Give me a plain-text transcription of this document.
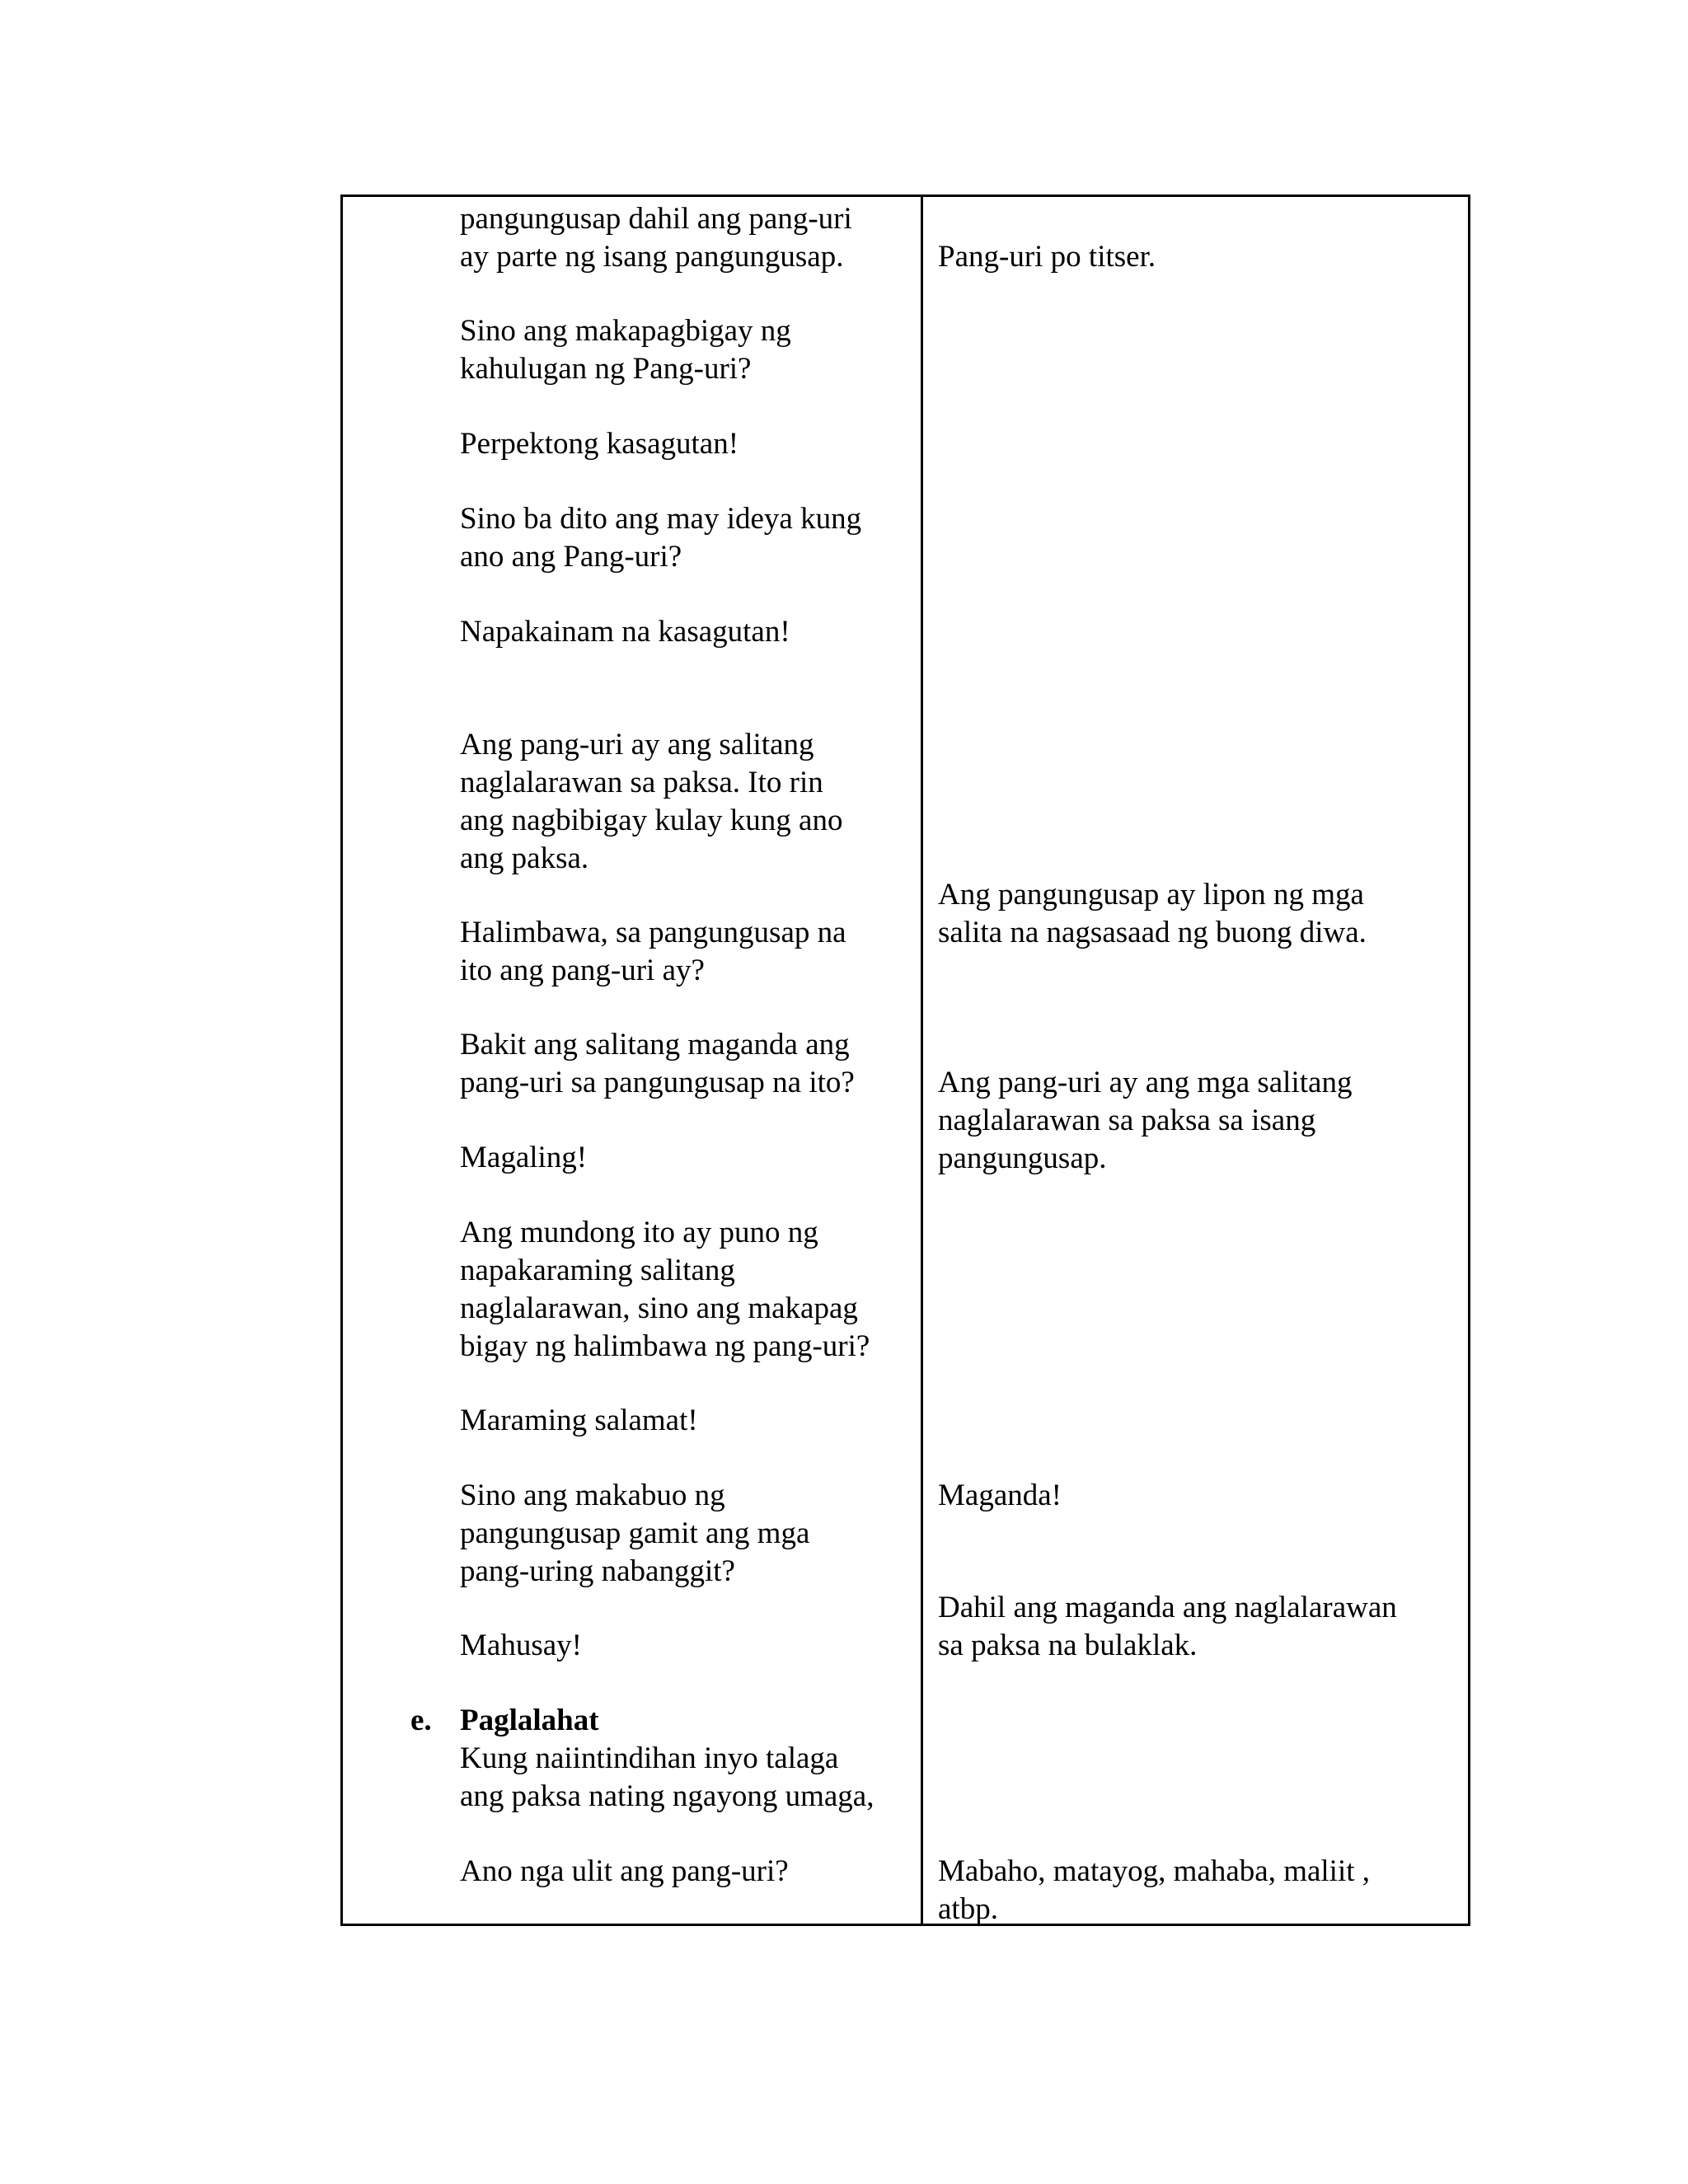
pangungusap dahil ang pang-uri
ay parte ng isang pangungusap.

Sino ang makapagbigay ng
kahulugan ng Pang-uri?

Perpektong kasagutan!

Sino ba dito ang may ideya kung
ano ang Pang-uri?

Napakainam na kasagutan!

Ang pang-uri ay ang salitang
naglalarawan sa paksa. Ito rin
ang nagbibigay kulay kung ano
ang paksa.

Halimbawa, sa pangungusap na
ito ang pang-uri ay?

Bakit ang salitang maganda ang
pang-uri sa pangungusap na ito?

Magaling!

Ang mundong ito ay puno ng
napakaraming salitang
naglalarawan, sino ang makapag
bigay ng halimbawa ng pang-uri?

Maraming salamat!

Sino ang makabuo ng
pangungusap gamit ang mga
pang-uring nabanggit?

Mahusay!

e. Paglalahat
Kung naiintindihan inyo talaga
ang paksa nating ngayong umaga,

Ano nga ulit ang pang-uri?

Pang-uri po titser.

Ang pangungusap ay lipon ng mga
salita na nagsasaad ng buong diwa.

Ang pang-uri ay ang mga salitang
naglalarawan sa paksa sa isang
pangungusap.

Maganda!

Dahil ang maganda ang naglalarawan
sa paksa na bulaklak.

Mabaho, matayog, mahaba, maliit ,
atbp.
